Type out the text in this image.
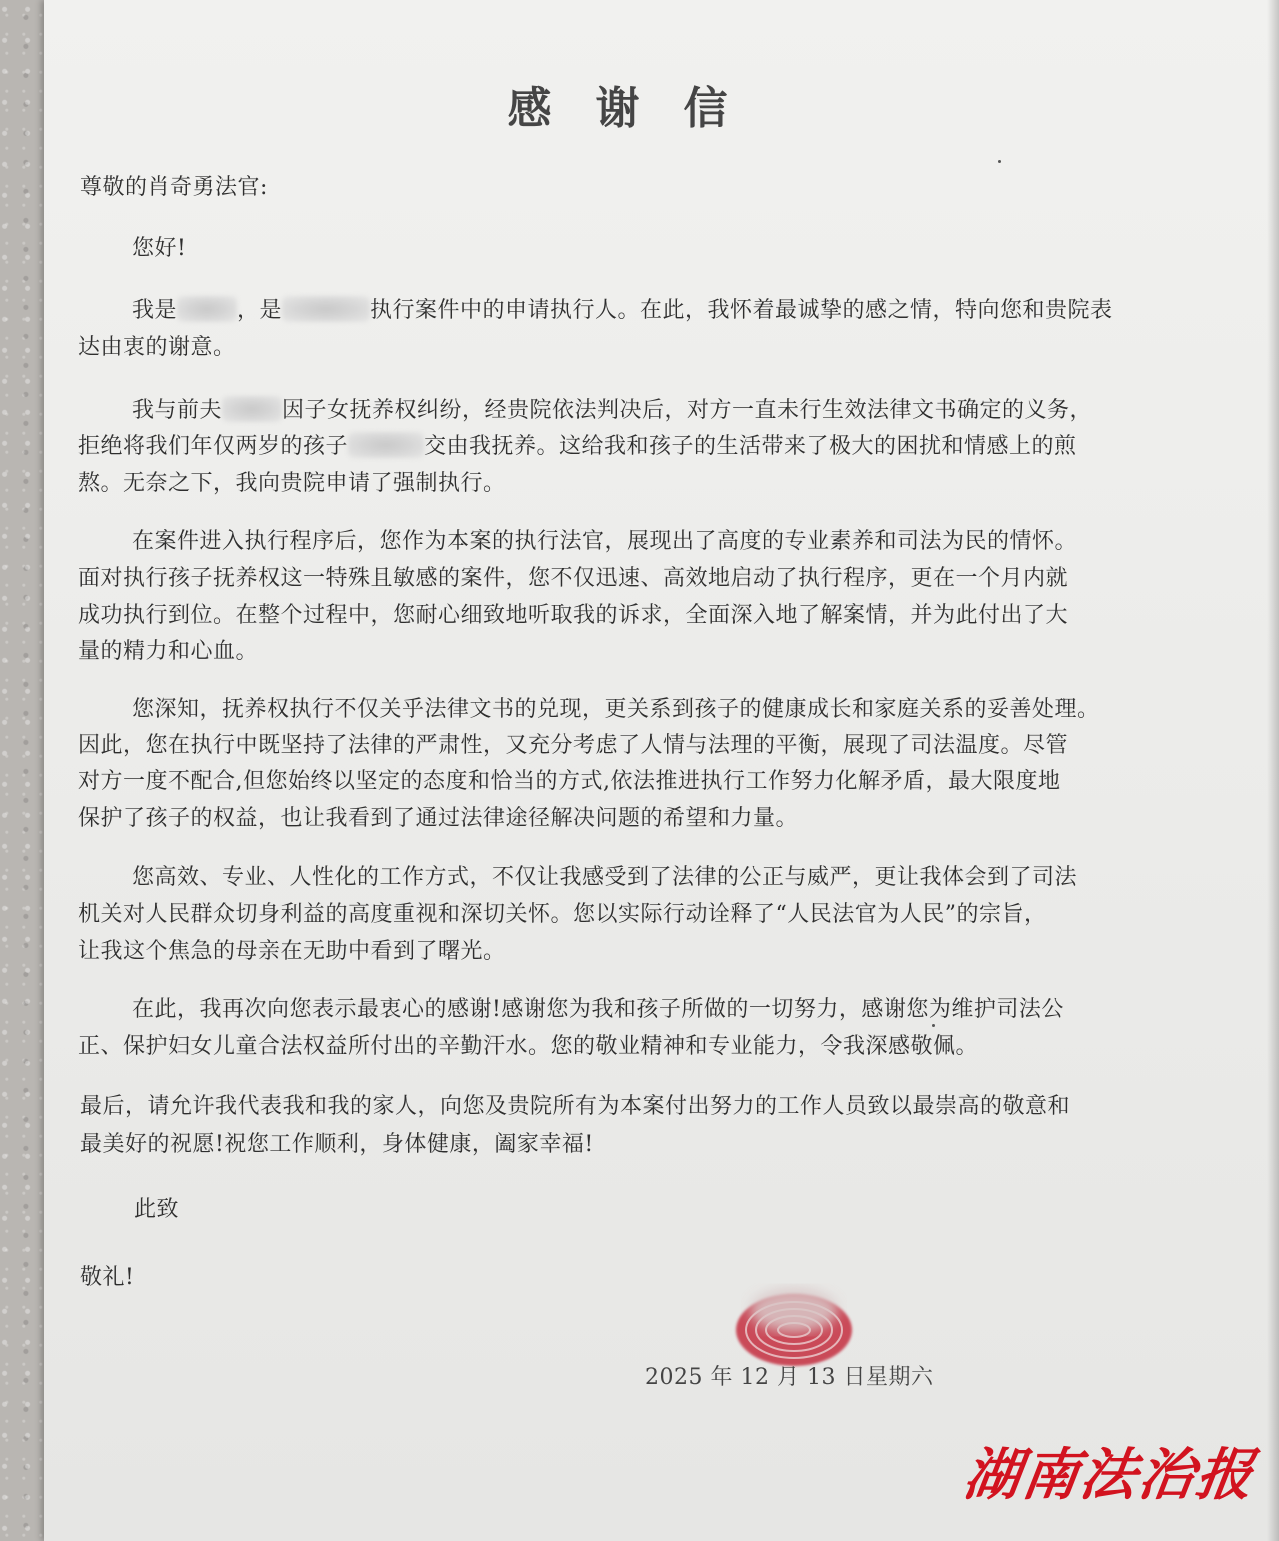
感谢信
尊敬的肖奇勇法官:
您好!
我是	，是	执行案件中的申请执行人。在此，我怀着最诚挚的感之情，特向您和贵院表
达由衷的谢意。
我与前夫	因子女抚养权纠纷，经贵院依法判决后，对方一直未行生效法律文书确定的义务，
拒绝将我们年仅两岁的孩子	交由我抚养。这给我和孩子的生活带来了极大的困扰和情感上的煎
熬。无奈之下，我向贵院申请了强制执行。
在案件进入执行程序后，您作为本案的执行法官，展现出了高度的专业素养和司法为民的情怀。
面对执行孩子抚养权这一特殊且敏感的案件，您不仅迅速、高效地启动了执行程序，更在一个月内就
成功执行到位。在整个过程中，您耐心细致地听取我的诉求，全面深入地了解案情，并为此付出了大
量的精力和心血。
您深知，抚养权执行不仅关乎法律文书的兑现，更关系到孩子的健康成长和家庭关系的妥善处理。
因此，您在执行中既坚持了法律的严肃性，又充分考虑了人情与法理的平衡，展现了司法温度。尽管
对方一度不配合,但您始终以坚定的态度和恰当的方式,依法推进执行工作努力化解矛盾，最大限度地
保护了孩子的权益，也让我看到了通过法律途径解决问题的希望和力量。
您高效、专业、人性化的工作方式，不仅让我感受到了法律的公正与威严，更让我体会到了司法
机关对人民群众切身利益的高度重视和深切关怀。您以实际行动诠释了“人民法官为人民”的宗旨，
让我这个焦急的母亲在无助中看到了曙光。
在此，我再次向您表示最衷心的感谢!感谢您为我和孩子所做的一切努力，感谢您为维护司法公
正、保护妇女儿童合法权益所付出的辛勤汗水。您的敬业精神和专业能力，令我深感敬佩。
最后，请允许我代表我和我的家人，向您及贵院所有为本案付出努力的工作人员致以最崇高的敬意和
最美好的祝愿!祝您工作顺利，身体健康，阖家幸福!
此致
敬礼!
2025 年 12 月 13 日星期六
湖南法治报
